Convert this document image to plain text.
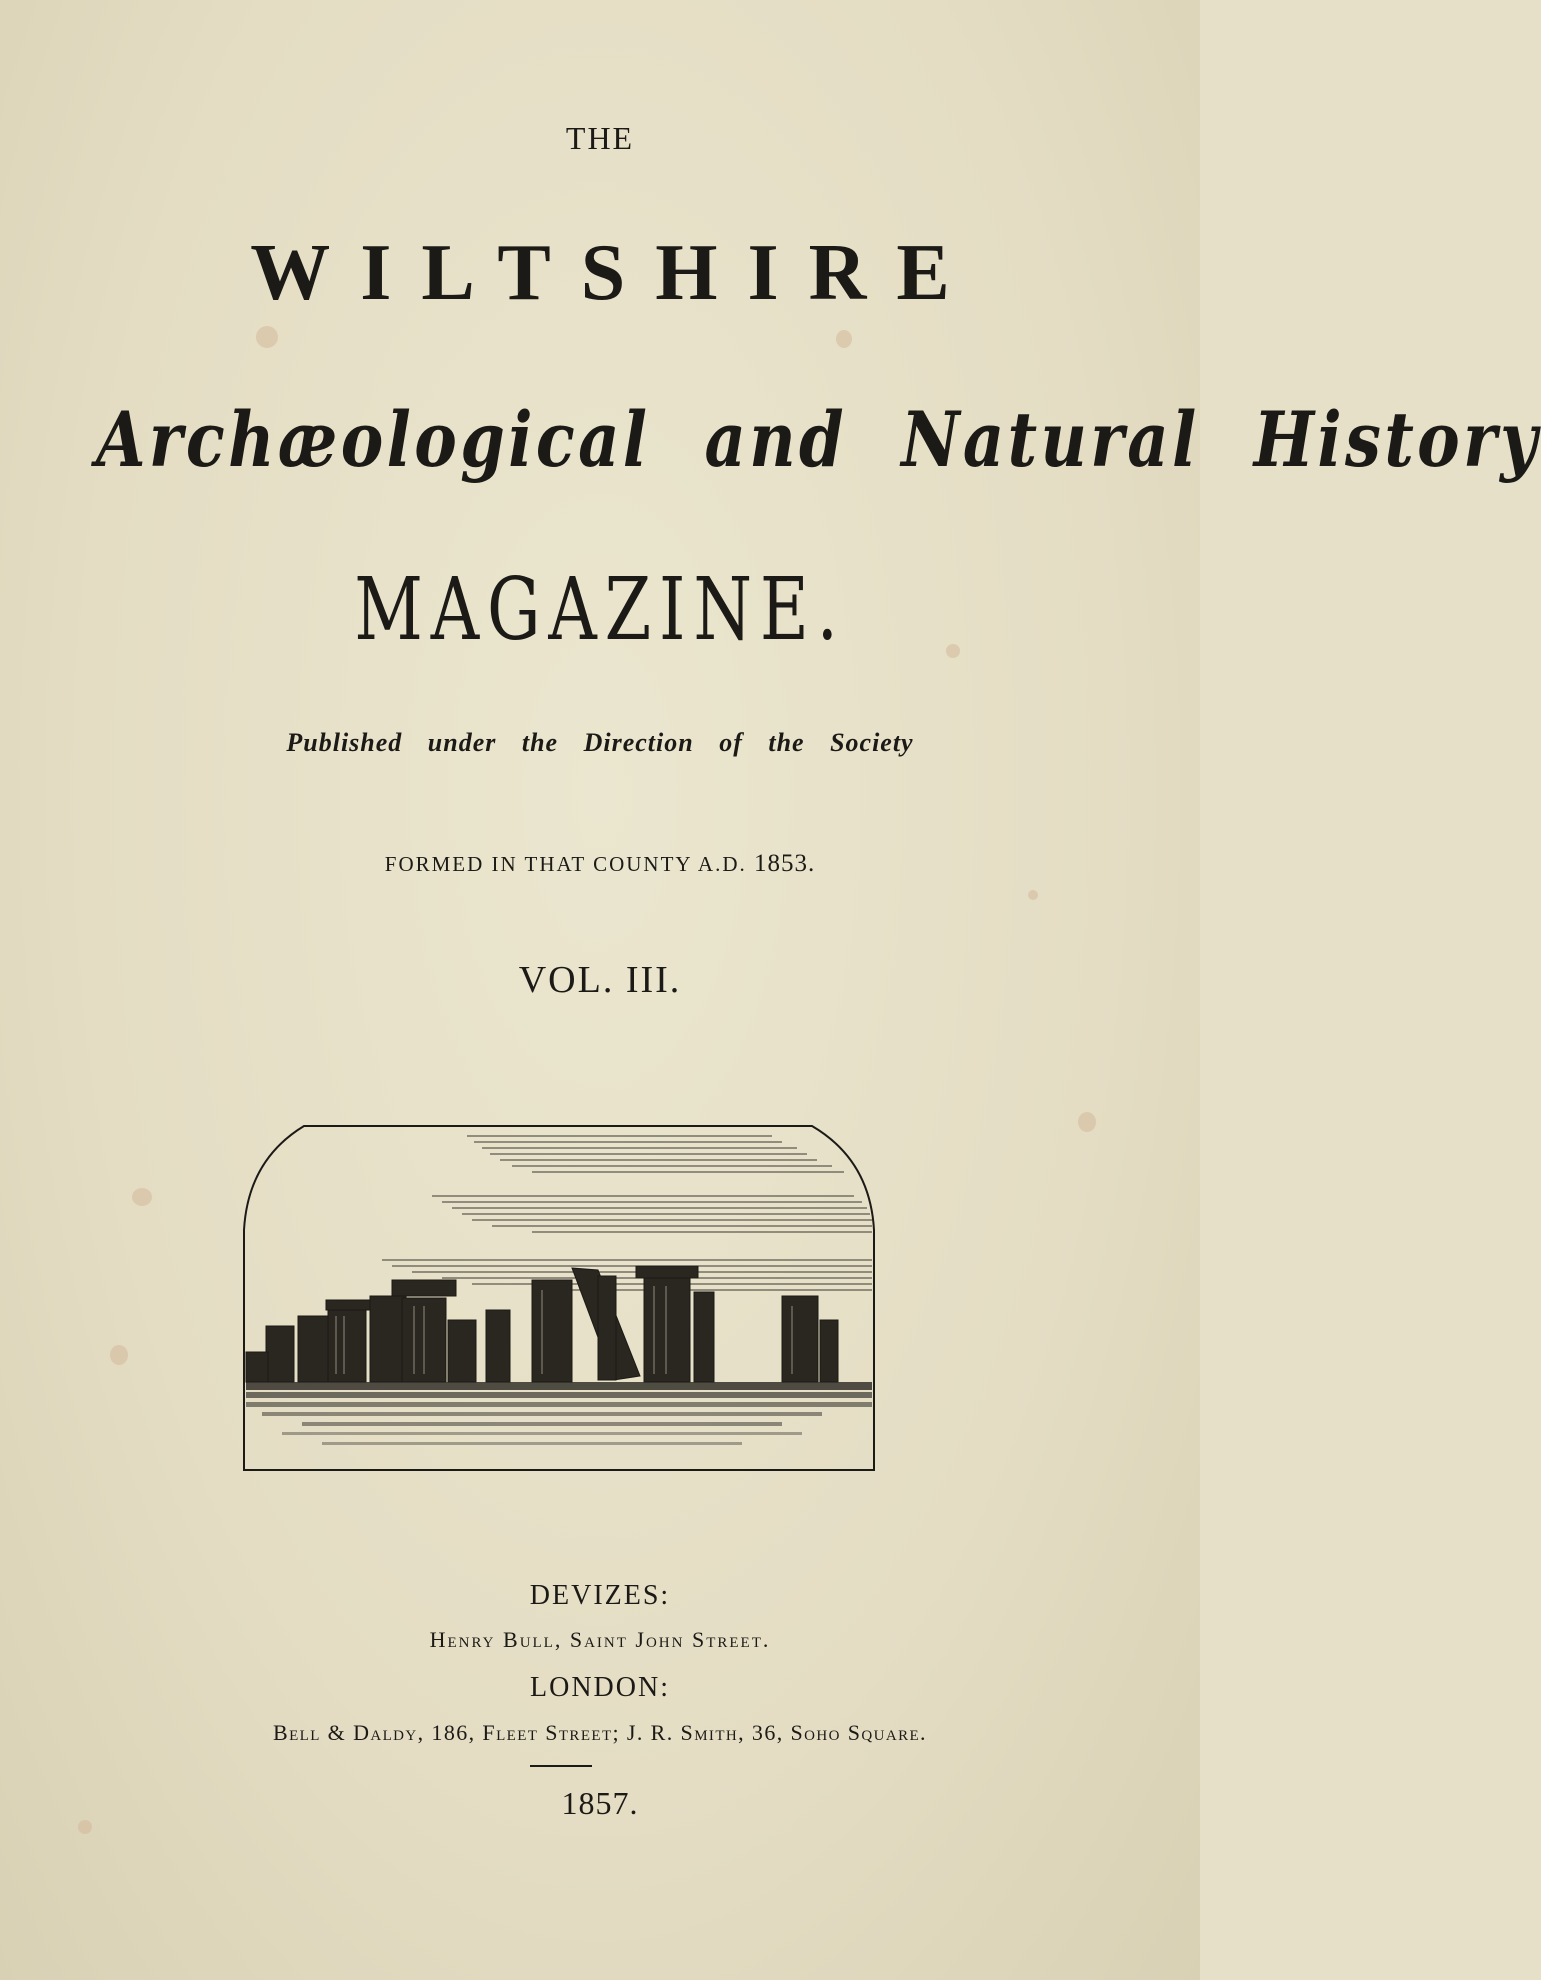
THE
WILTSHIRE
Archæological and Natural History
MAGAZINE.
Published under the Direction of the Society
FORMED IN THAT COUNTY A.D. 1853.
VOL. III.
DEVIZES:
Henry Bull, Saint John Street.
LONDON:
Bell & Daldy, 186, Fleet Street; J. R. Smith, 36, Soho Square.
1857.
